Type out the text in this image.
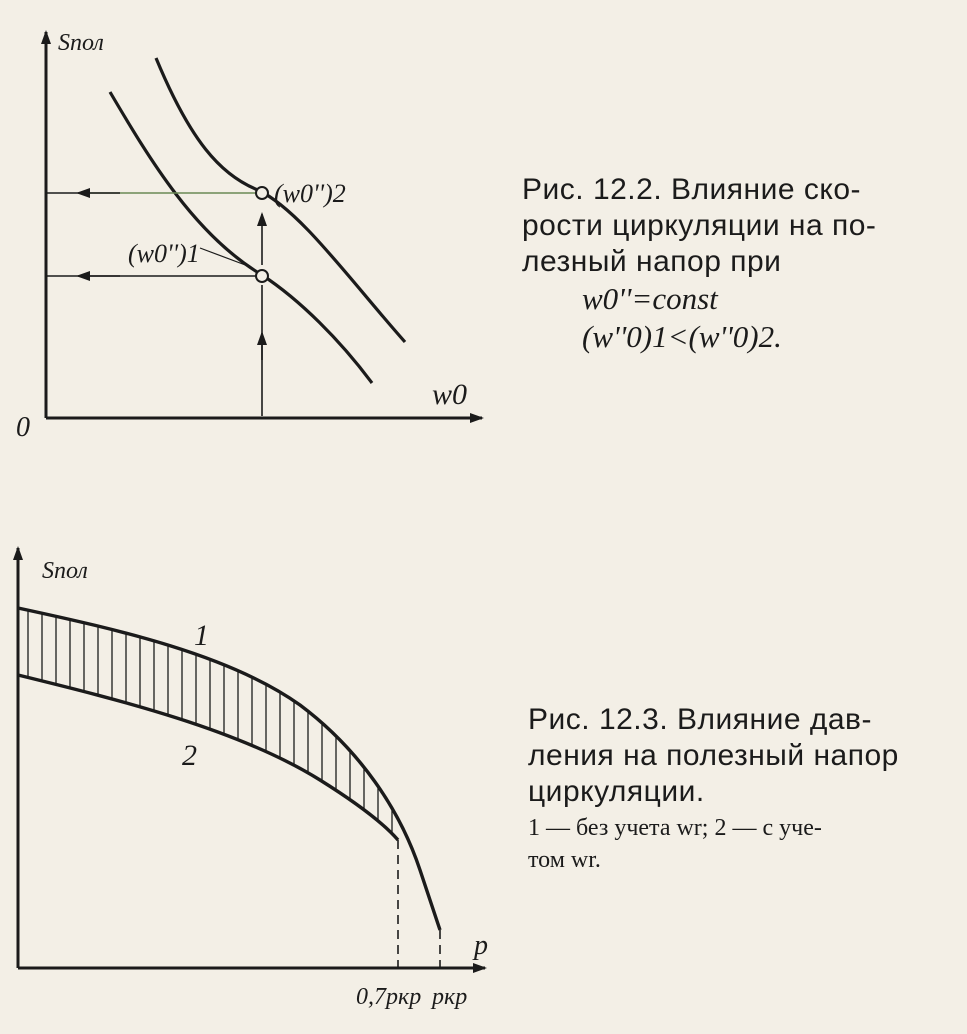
Sпол
w0
0
(w0'')2
(w0'')1
Рис. 12.2. Влияние ско-
рости циркуляции на по-
лезный напор при
w0''=const
(w''0)1<(w''0)2.
Sпол
p
1
2
0,7pкр pкр
Рис. 12.3. Влияние дав-
ления на полезный напор
циркуляции.
1 — без учета wr; 2 — с уче-
том wr.
